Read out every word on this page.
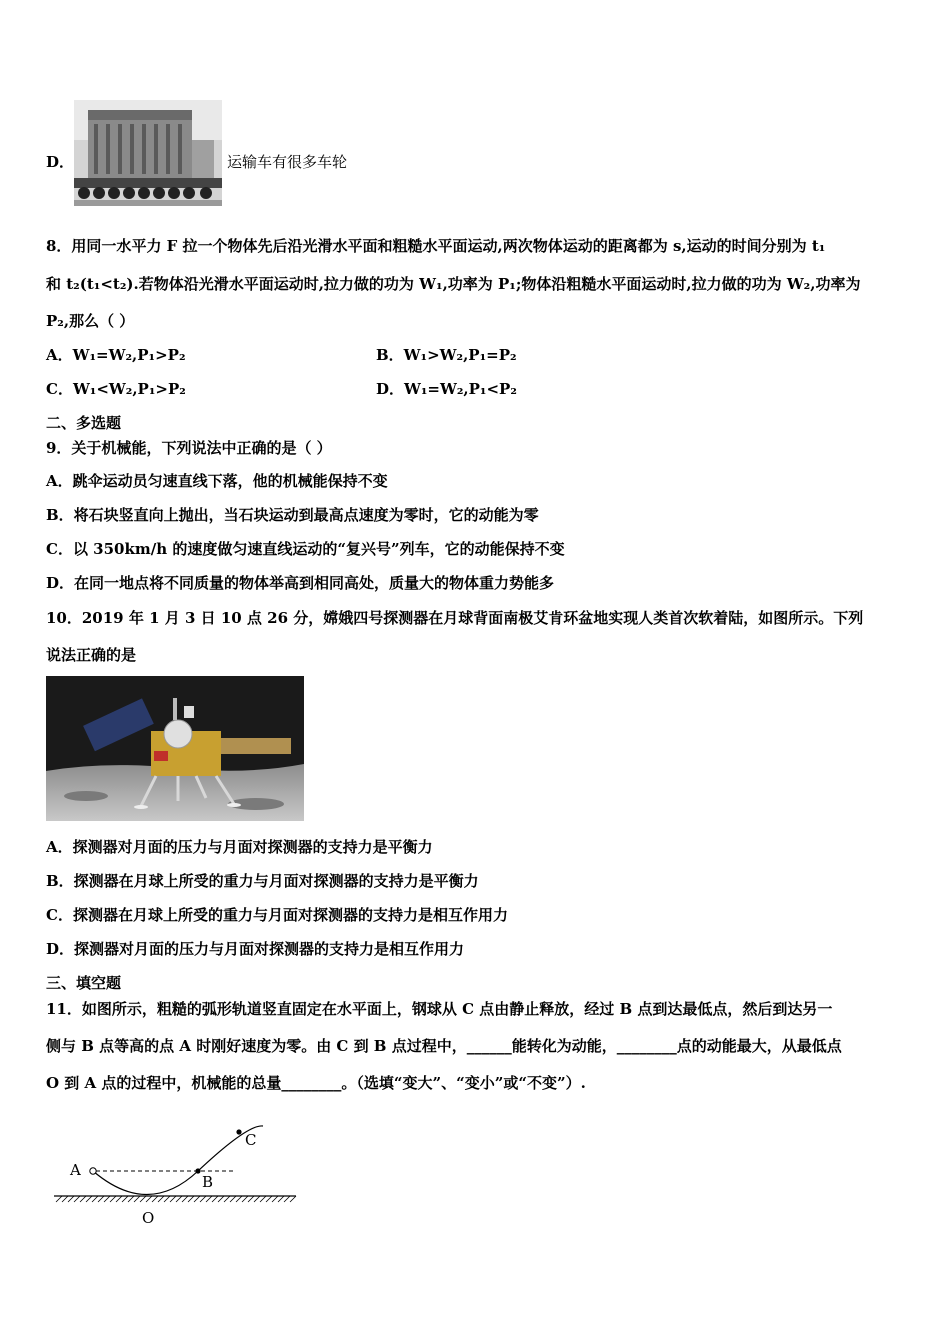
D．	运输车有很多车轮
8．用同一水平力 F 拉一个物体先后沿光滑水平面和粗糙水平面运动,两次物体运动的距离都为 s,运动的时间分别为 t₁
和 t₂(t₁<t₂).若物体沿光滑水平面运动时,拉力做的功为 W₁,功率为 P₁;物体沿粗糙水平面运动时,拉力做的功为 W₂,功率为
P₂,那么（ ）
A．W₁=W₂,P₁>P₂	B．W₁>W₂,P₁=P₂
C．W₁<W₂,P₁>P₂	D．W₁=W₂,P₁<P₂
二、多选题
9．关于机械能，下列说法中正确的是（ ）
A．跳伞运动员匀速直线下落，他的机械能保持不变
B．将石块竖直向上抛出，当石块运动到最高点速度为零时，它的动能为零
C．以 350km/h 的速度做匀速直线运动的“复兴号”列车，它的动能保持不变
D．在同一地点将不同质量的物体举高到相同高处，质量大的物体重力势能多
10．2019 年 1 月 3 日 10 点 26 分，嫦娥四号探测器在月球背面南极艾肯环盆地实现人类首次软着陆，如图所示。下列
说法正确的是
A．探测器对月面的压力与月面对探测器的支持力是平衡力
B．探测器在月球上所受的重力与月面对探测器的支持力是平衡力
C．探测器在月球上所受的重力与月面对探测器的支持力是相互作用力
D．探测器对月面的压力与月面对探测器的支持力是相互作用力
三、填空题
11．如图所示，粗糙的弧形轨道竖直固定在水平面上，钢球从 C 点由静止释放，经过 B 点到达最低点，然后到达另一
侧与 B 点等高的点 A 时刚好速度为零。由 C 到 B 点过程中，______能转化为动能，________点的动能最大，从最低点
O 到 A 点的过程中，机械能的总量________。（选填“变大”、“变小”或“不变”）.
A
B
C
O
